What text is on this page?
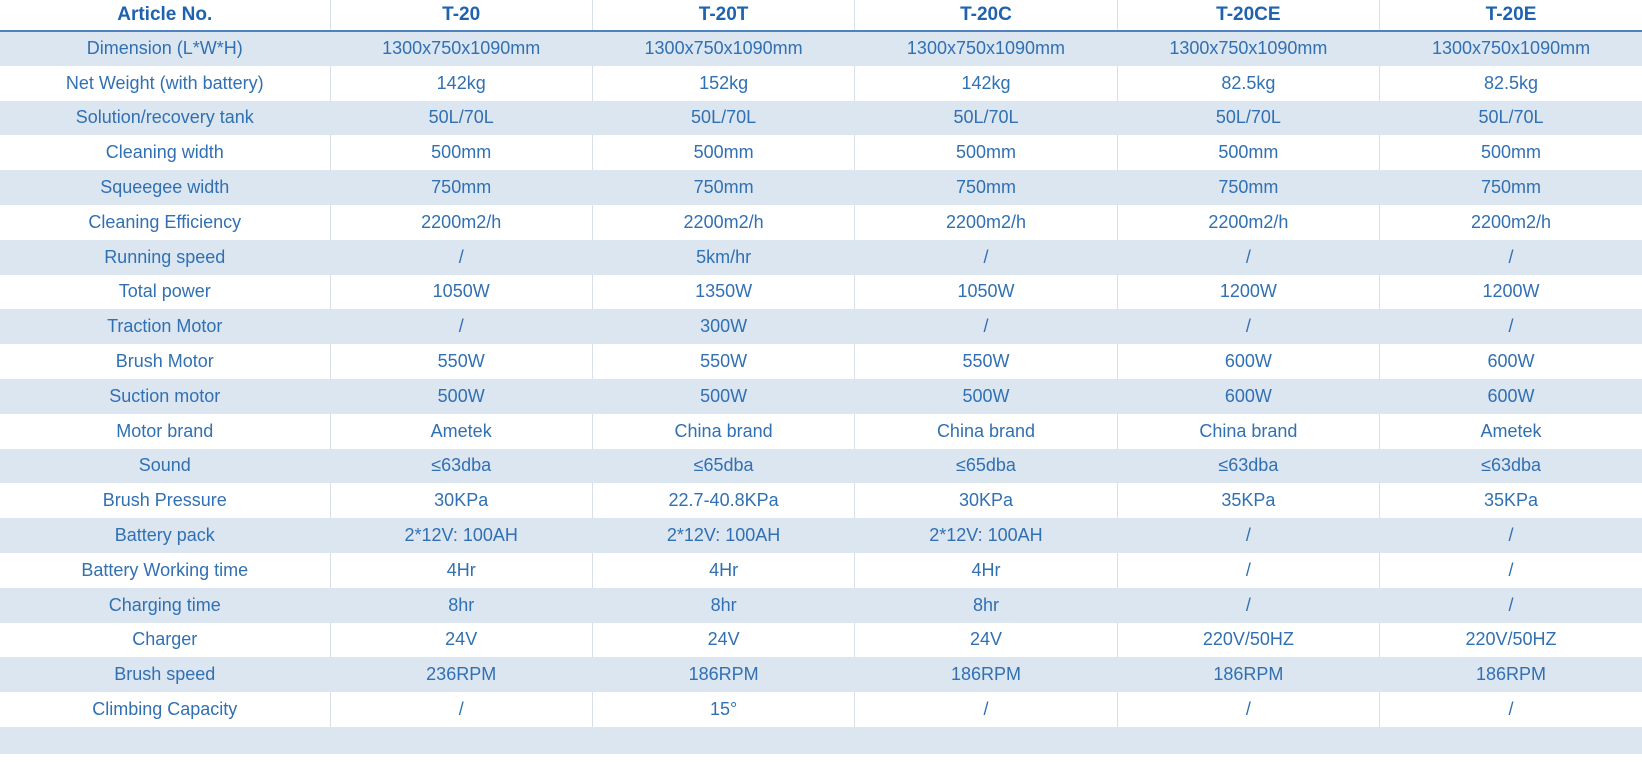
Article No.	T-20	T-20T	T-20C	T-20CE	T-20E
Dimension (L*W*H)	1300x750x1090mm	1300x750x1090mm	1300x750x1090mm	1300x750x1090mm	1300x750x1090mm
Net Weight (with battery)	142kg	152kg	142kg	82.5kg	82.5kg
Solution/recovery tank	50L/70L	50L/70L	50L/70L	50L/70L	50L/70L
Cleaning width	500mm	500mm	500mm	500mm	500mm
Squeegee width	750mm	750mm	750mm	750mm	750mm
Cleaning Efficiency	2200m2/h	2200m2/h	2200m2/h	2200m2/h	2200m2/h
Running speed	/	5km/hr	/	/	/
Total power	1050W	1350W	1050W	1200W	1200W
Traction Motor	/	300W	/	/	/
Brush Motor	550W	550W	550W	600W	600W
Suction motor	500W	500W	500W	600W	600W
Motor brand	Ametek	China brand	China brand	China brand	Ametek
Sound	≤63dba	≤65dba	≤65dba	≤63dba	≤63dba
Brush Pressure	30KPa	22.7-40.8KPa	30KPa	35KPa	35KPa
Battery pack	2*12V: 100AH	2*12V: 100AH	2*12V: 100AH	/	/
Battery Working time	4Hr	4Hr	4Hr	/	/
Charging time	8hr	8hr	8hr	/	/
Charger	24V	24V	24V	220V/50HZ	220V/50HZ
Brush speed	236RPM	186RPM	186RPM	186RPM	186RPM
Climbing Capacity	/	15°	/	/	/
